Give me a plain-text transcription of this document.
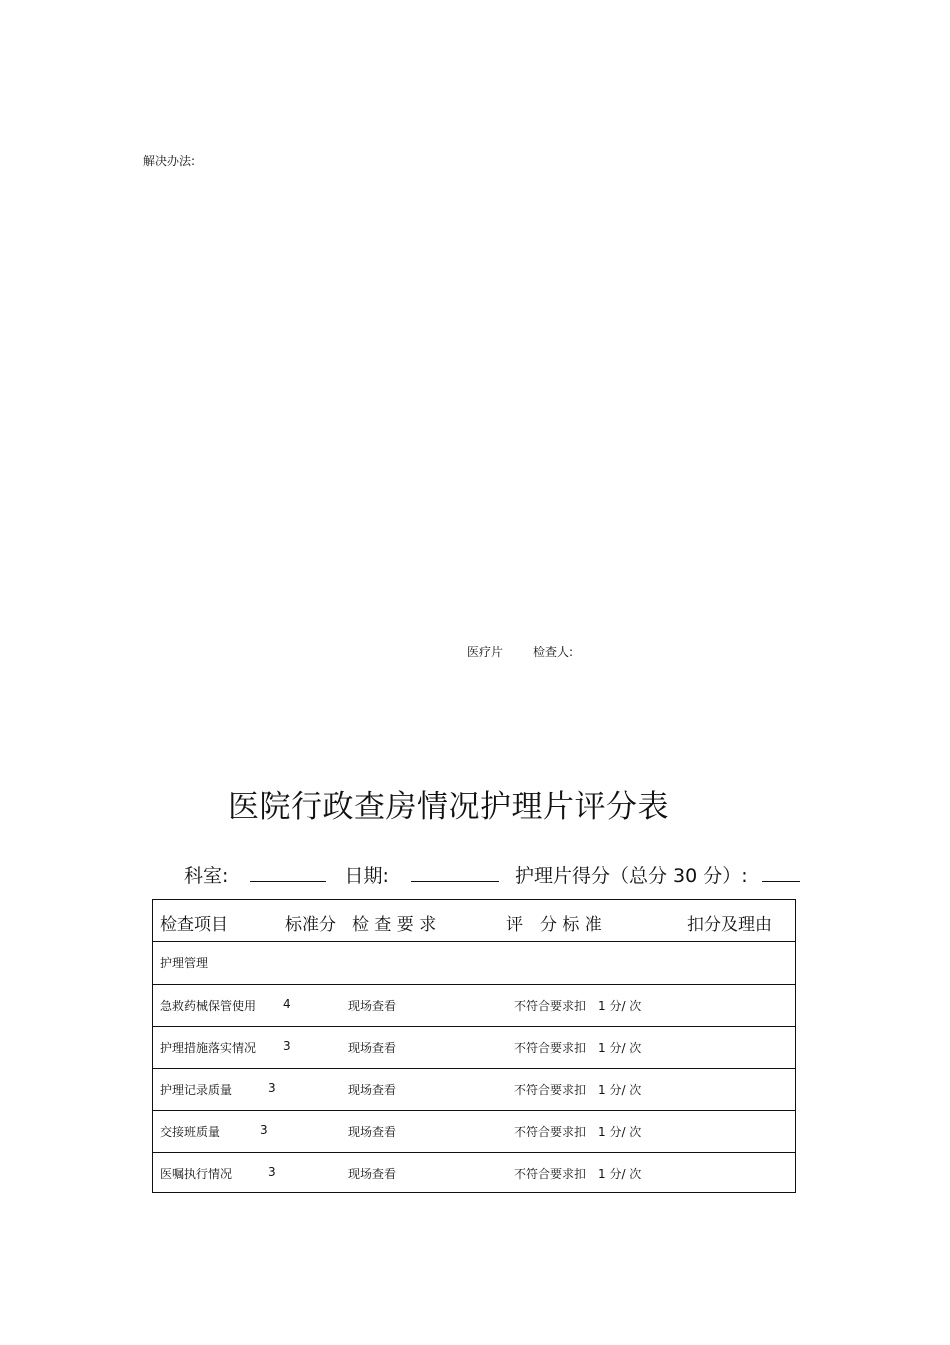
解决办法:
医疗片 检查人:
医院行政查房情况护理片评分表
科室:	日期:	护理片得分（总分 30 分）:
检查项目	标准分 检 查 要 求	评　分 标 准	扣分及理由
护理管理
急救药械保管使用 4	现场查看	不符合要求扣　1 分/ 次
护理措施落实情况 3	现场查看	不符合要求扣　1 分/ 次
护理记录质量	3	现场查看	不符合要求扣　1 分/ 次
交接班质量	3	现场查看	不符合要求扣　1 分/ 次
医嘱执行情况	3	现场查看	不符合要求扣　1 分/ 次
